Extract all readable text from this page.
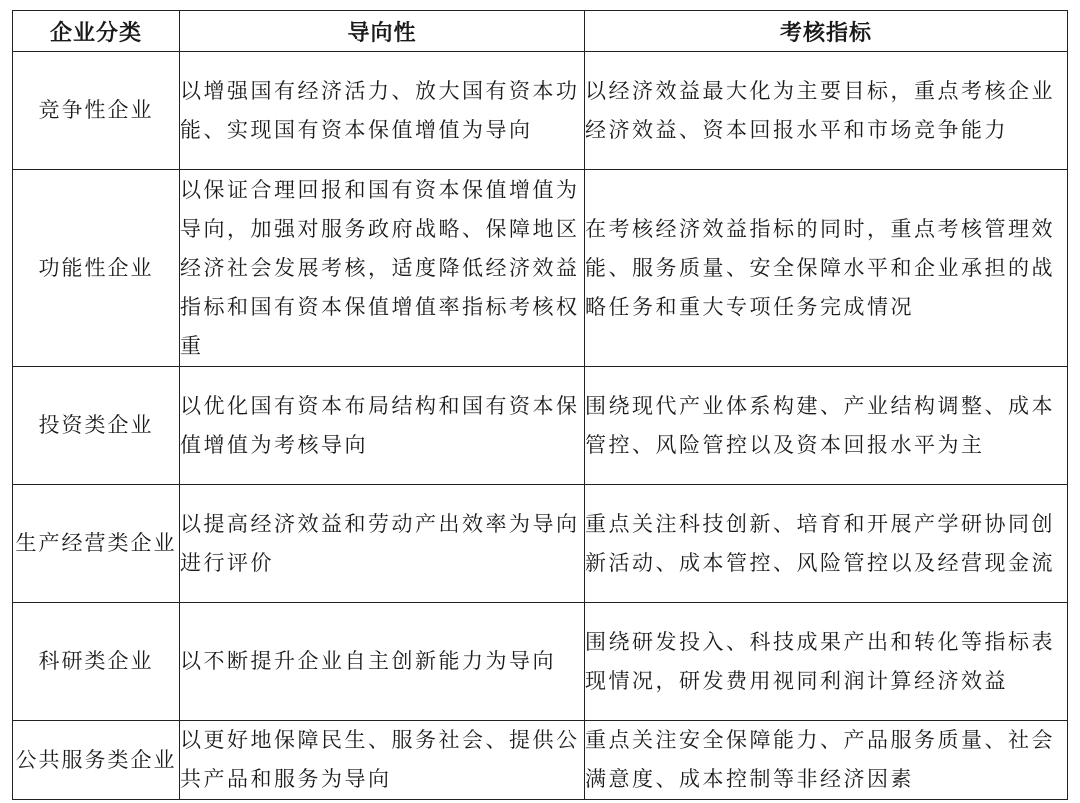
企业分类	导向性	考核指标
竞争性企业	以增强国有经济活力、放大国有资本功能、实现国有资本保值增值为导向	以经济效益最大化为主要目标，重点考核企业经济效益、资本回报水平和市场竞争能力
功能性企业	以保证合理回报和国有资本保值增值为导向，加强对服务政府战略、保障地区经济社会发展考核，适度降低经济效益指标和国有资本保值增值率指标考核权重	在考核经济效益指标的同时，重点考核管理效能、服务质量、安全保障水平和企业承担的战略任务和重大专项任务完成情况
投资类企业	以优化国有资本布局结构和国有资本保值增值为考核导向	围绕现代产业体系构建、产业结构调整、成本管控、风险管控以及资本回报水平为主
生产经营类企业	以提高经济效益和劳动产出效率为导向进行评价	重点关注科技创新、培育和开展产学研协同创新活动、成本管控、风险管控以及经营现金流
科研类企业	以不断提升企业自主创新能力为导向	围绕研发投入、科技成果产出和转化等指标表现情况，研发费用视同利润计算经济效益
公共服务类企业	以更好地保障民生、服务社会、提供公共产品和服务为导向	重点关注安全保障能力、产品服务质量、社会满意度、成本控制等非经济因素
